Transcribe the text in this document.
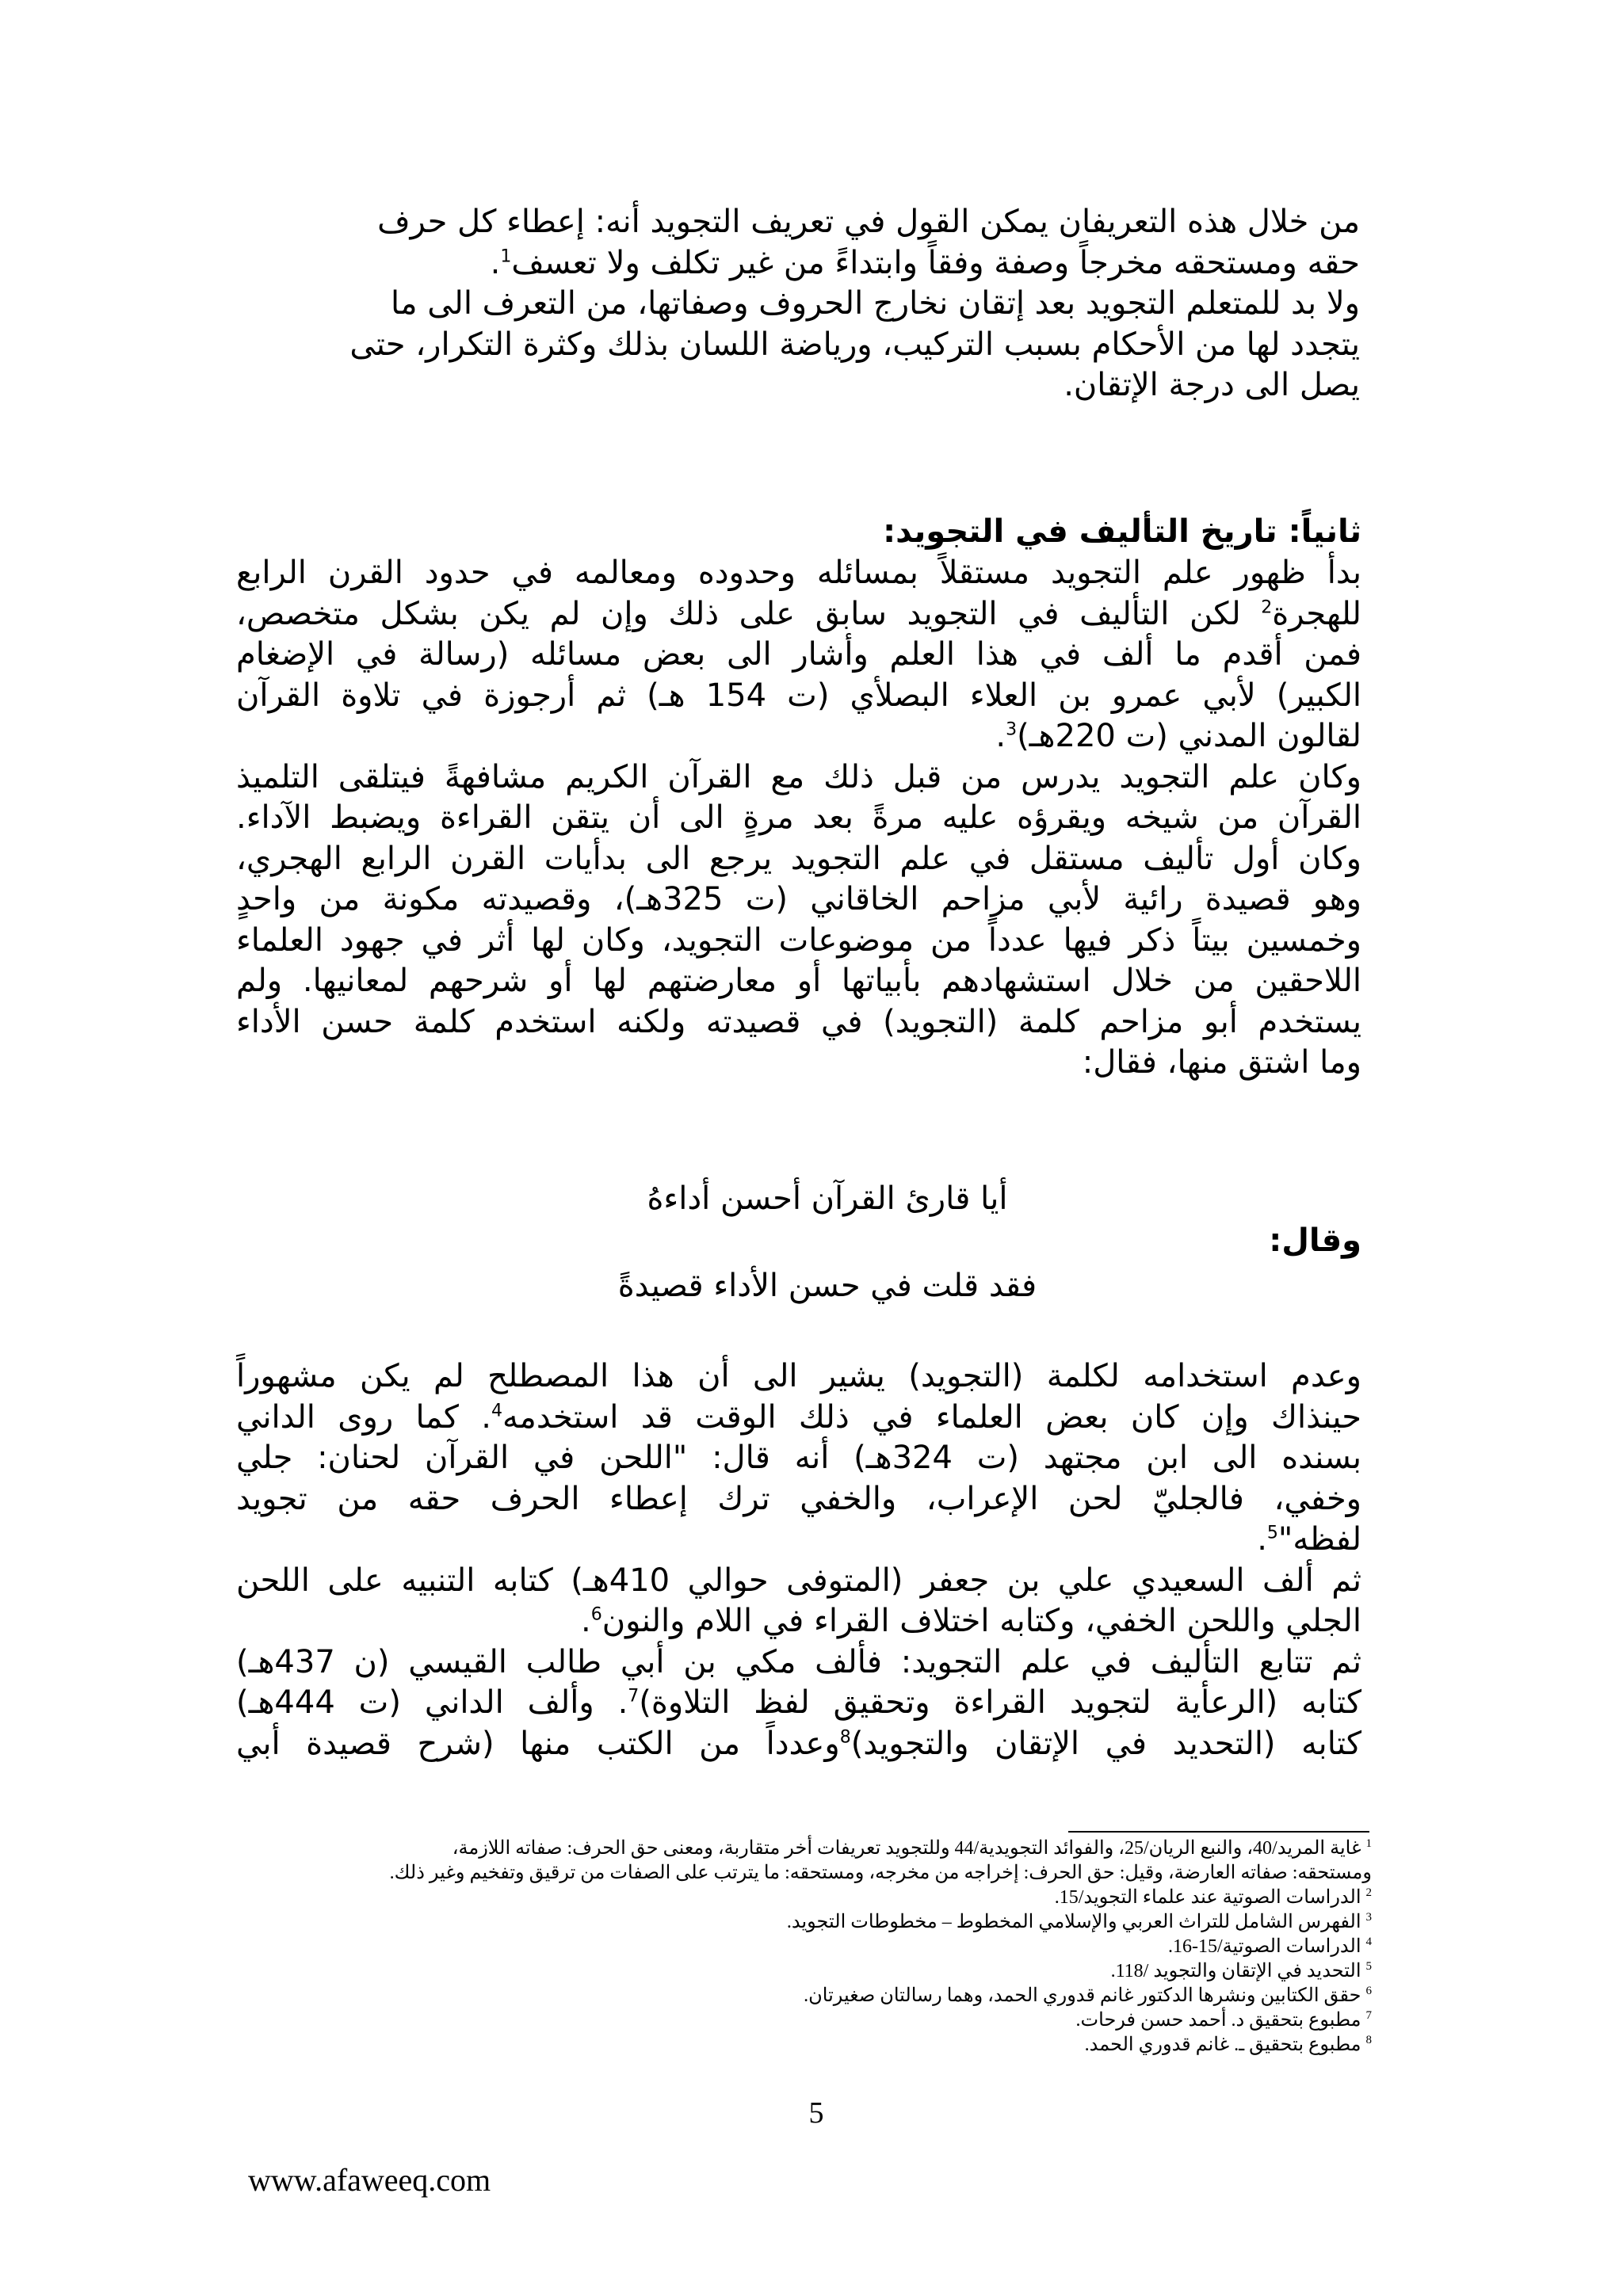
من خلال هذه التعريفان يمكن القول في تعريف التجويد أنه: إعطاء كل حرف
حقه ومستحقه مخرجاً وصفة وفقاً وابتداءً من غير تكلف ولا تعسف$^1$.
ولا بد للمتعلم التجويد بعد إتقان نخارج الحروف وصفاتها، من التعرف الى ما
يتجدد لها من الأحكام بسبب التركيب، ورياضة اللسان بذلك وكثرة التكرار، حتى
يصل الى درجة الإتقان.
ثانياً: تاريخ التأليف في التجويد:
بدأ ظهور علم التجويد مستقلاً بمسائله وحدوده ومعالمه في حدود القرن الرابع
للهجرة$^2$ لكن التأليف في التجويد سابق على ذلك وإن لم يكن بشكل متخصص،
فمن أقدم ما ألف في هذا العلم وأشار الى بعض مسائله (رسالة في الإضغام
الكبير) لأبي عمرو بن العلاء البصلأي (ت 154 هـ) ثم أرجوزة في تلاوة القرآن
لقالون المدني (ت 220هـ)$^3$.
وكان علم التجويد يدرس من قبل ذلك مع القرآن الكريم مشافهةً فيتلقى التلميذ
القرآن من شيخه ويقرؤه عليه مرةً بعد مرةٍ الى أن يتقن القراءة ويضبط الآداء.
وكان أول تأليف مستقل في علم التجويد يرجع الى بدأيات القرن الرابع الهجري،
وهو قصيدة رائية لأبي مزاحم الخاقاني (ت 325هـ)، وقصيدته مكونة من واحدٍ
وخمسين بيتاً ذكر فيها عدداً من موضوعات التجويد، وكان لها أثر في جهود العلماء
اللاحقين من خلال استشهادهم بأبياتها أو معارضتهم لها أو شرحهم لمعانيها. ولم
يستخدم أبو مزاحم كلمة (التجويد) في قصيدته ولكنه استخدم كلمة حسن الأداء
وما اشتق منها، فقال:
أيا قارئ القرآن أحسن أداءهُ
وقال:
فقد قلت في حسن الأداء قصيدةً
وعدم استخدامه لكلمة (التجويد) يشير الى أن هذا المصطلح لم يكن مشهوراً
حينذاك وإن كان بعض العلماء في ذلك الوقت قد استخدمه$^4$. كما روى الداني
بسنده الى ابن مجتهد (ت 324هـ) أنه قال: "اللحن في القرآن لحنان: جلي
وخفي، فالجليّ لحن الإعراب، والخفي ترك إعطاء الحرف حقه من تجويد
لفظه"$^5$.
ثم ألف السعيدي علي بن جعفر (المتوفى حوالي 410هـ) كتابه التنبيه على اللحن
الجلي واللحن الخفي، وكتابه اختلاف القراء في اللام والنون$^6$.
ثم تتابع التأليف في علم التجويد: فألف مكي بن أبي طالب القيسي (ن 437هـ)
كتابه (الرعأية لتجويد القراءة وتحقيق لفظ التلاوة)$^7$. وألف الداني (ت 444هـ)
كتابه (التحديد في الإتقان والتجويد)$^8$وعدداً من الكتب منها (شرح قصيدة أبي
$^1$ غاية المريد/40، والنبع الريان/25، والفوائد التجويدية/44 وللتجويد تعريفات أخر متقاربة، ومعنى حق الحرف: صفاته اللازمة،
ومستحقه: صفاته العارضة، وقيل: حق الحرف: إخراجه من مخرجه، ومستحقه: ما يترتب على الصفات من ترقيق وتفخيم وغير ذلك.
$^2$ الدراسات الصوتية عند علماء التجويد/15.
$^3$ الفهرس الشامل للتراث العربي والإسلامي المخطوط – مخطوطات التجويد.
$^4$ الدراسات الصوتية/15-16.
$^5$ التحديد في الإتقان والتجويد /118.
$^6$ حقق الكتابين ونشرها الدكتور غانم قدوري الحمد، وهما رسالتان صغيرتان.
$^7$ مطبوع بتحقيق د. أحمد حسن فرحات.
$^8$ مطبوع بتحقيق ـ. غانم قدوري الحمد.
5
www.afaweeq.com
